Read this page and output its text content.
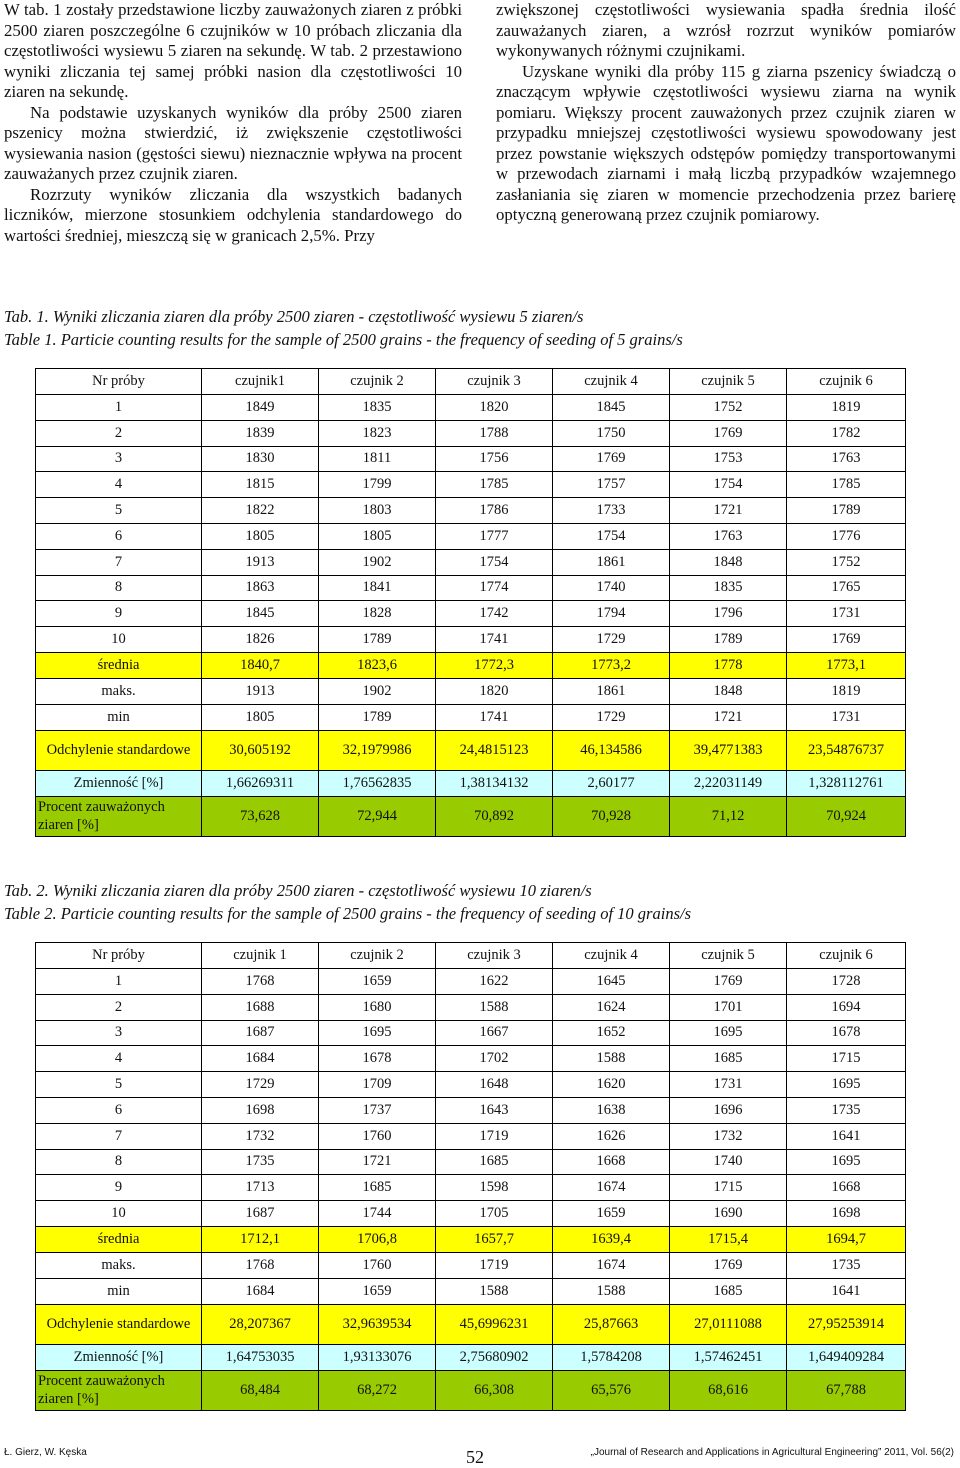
W tab. 1 zostały przedstawione liczby zauważonych ziaren z próbki 2500 ziaren poszczególne 6 czujników w 10 próbach zliczania dla częstotliwości wysiewu 5 ziaren na sekundę. W tab. 2 przestawiono wyniki zliczania tej samej próbki nasion dla częstotliwości 10 ziaren na sekundę.

Na podstawie uzyskanych wyników dla próby 2500 ziaren pszenicy można stwierdzić, iż zwiększenie częstotliwości wysiewania nasion (gęstości siewu) nieznacznie wpływa na procent zauważanych przez czujnik ziaren.

Rozrzuty wyników zliczania dla wszystkich badanych liczników, mierzone stosunkiem odchylenia standardowego do wartości średniej, mieszczą się w granicach 2,5%. Przy

zwiększonej częstotliwości wysiewania spadła średnia ilość zauważanych ziaren, a wzrósł rozrzut wyników pomiarów wykonywanych różnymi czujnikami.

Uzyskane wyniki dla próby 115 g ziarna pszenicy świadczą o znaczącym wpływie częstotliwości wysiewu ziarna na wynik pomiaru. Większy procent zauważonych przez czujnik ziaren w przypadku mniejszej częstotliwości wysiewu spowodowany jest przez powstanie większych odstępów pomiędzy transportowanymi w przewodach ziarnami i małą liczbą przypadków wzajemnego zasłaniania się ziaren w momencie przechodzenia przez barierę optyczną generowaną przez czujnik pomiarowy.

Tab. 1. Wyniki zliczania ziaren dla próby 2500 ziaren - częstotliwość wysiewu 5 ziaren/s

Table 1. Particie counting results for the sample of 2500 grains - the frequency of seeding of 5 grains/s

Nr próby	czujnik1	czujnik 2	czujnik 3	czujnik 4	czujnik 5	czujnik 6
1	1849	1835	1820	1845	1752	1819
2	1839	1823	1788	1750	1769	1782
3	1830	1811	1756	1769	1753	1763
4	1815	1799	1785	1757	1754	1785
5	1822	1803	1786	1733	1721	1789
6	1805	1805	1777	1754	1763	1776
7	1913	1902	1754	1861	1848	1752
8	1863	1841	1774	1740	1835	1765
9	1845	1828	1742	1794	1796	1731
10	1826	1789	1741	1729	1789	1769
średnia	1840,7	1823,6	1772,3	1773,2	1778	1773,1
maks.	1913	1902	1820	1861	1848	1819
min	1805	1789	1741	1729	1721	1731
Odchylenie standardowe	30,605192	32,1979986	24,4815123	46,134586	39,4771383	23,54876737
Zmienność [%]	1,66269311	1,76562835	1,38134132	2,60177	2,22031149	1,328112761
Procent zauważonych ziaren [%]	73,628	72,944	70,892	70,928	71,12	70,924

Tab. 2. Wyniki zliczania ziaren dla próby 2500 ziaren - częstotliwość wysiewu 10 ziaren/s

Table 2. Particie counting results for the sample of 2500 grains - the frequency of seeding of 10 grains/s

Nr próby	czujnik 1	czujnik 2	czujnik 3	czujnik 4	czujnik 5	czujnik 6
1	1768	1659	1622	1645	1769	1728
2	1688	1680	1588	1624	1701	1694
3	1687	1695	1667	1652	1695	1678
4	1684	1678	1702	1588	1685	1715
5	1729	1709	1648	1620	1731	1695
6	1698	1737	1643	1638	1696	1735
7	1732	1760	1719	1626	1732	1641
8	1735	1721	1685	1668	1740	1695
9	1713	1685	1598	1674	1715	1668
10	1687	1744	1705	1659	1690	1698
średnia	1712,1	1706,8	1657,7	1639,4	1715,4	1694,7
maks.	1768	1760	1719	1674	1769	1735
min	1684	1659	1588	1588	1685	1641
Odchylenie standardowe	28,207367	32,9639534	45,6996231	25,87663	27,0111088	27,95253914
Zmienność [%]	1,64753035	1,93133076	2,75680902	1,5784208	1,57462451	1,649409284
Procent zauważonych ziaren [%]	68,484	68,272	66,308	65,576	68,616	67,788
Ł. Gierz, W. Kęska	52	„Journal of Research and Applications in Agricultural Engineering” 2011, Vol. 56(2)
